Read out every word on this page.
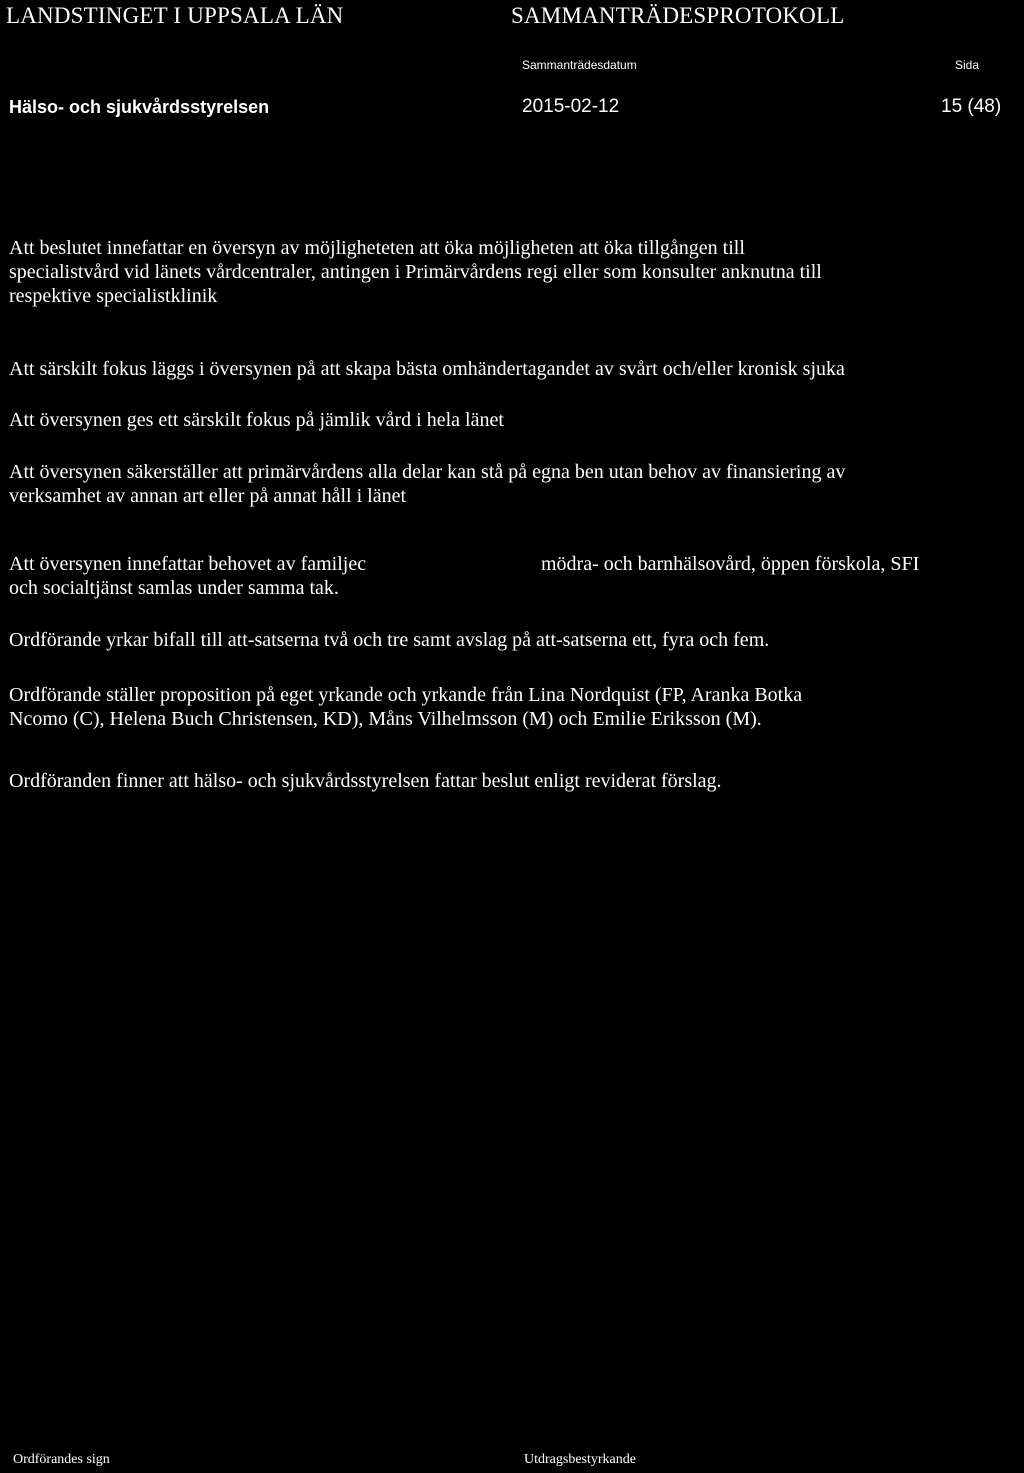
LANDSTINGET I UPPSALA LÄN	SAMMANTRÄDESPROTOKOLL
Sammanträdesdatum	Sida
Hälso- och sjukvårdsstyrelsen	2015-02-12	15 (48)
Att beslutet innefattar en översyn av möjligheteten att öka möjligheten att öka tillgången till
specialistvård vid länets vårdcentraler, antingen i Primärvårdens regi eller som konsulter anknutna till
respektive specialistklinik
Att särskilt fokus läggs i översynen på att skapa bästa omhändertagandet av svårt och/eller kronisk sjuka
Att översynen ges ett särskilt fokus på jämlik vård i hela länet
Att översynen säkerställer att primärvårdens alla delar kan stå på egna ben utan behov av finansiering av
verksamhet av annan art eller på annat håll i länet
Att översynen innefattar behovet av familjec	mödra- och barnhälsovård, öppen förskola, SFI
och socialtjänst samlas under samma tak.
Ordförande yrkar bifall till att-satserna två och tre samt avslag på att-satserna ett, fyra och fem.
Ordförande ställer proposition på eget yrkande och yrkande från Lina Nordquist (FP, Aranka Botka
Ncomo (C), Helena Buch Christensen, KD), Måns Vilhelmsson (M) och Emilie Eriksson (M).
Ordföranden finner att hälso- och sjukvårdsstyrelsen fattar beslut enligt reviderat förslag.
Ordförandes sign	Utdragsbestyrkande
